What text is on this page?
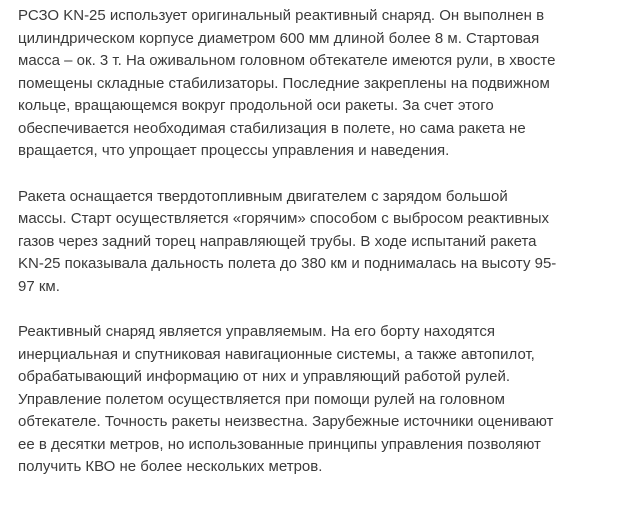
РСЗО KN-25 использует оригинальный реактивный снаряд. Он выполнен в
цилиндрическом корпусе диаметром 600 мм длиной более 8 м. Стартовая
масса – ок. 3 т. На оживальном головном обтекателе имеются рули, в хвосте
помещены складные стабилизаторы. Последние закреплены на подвижном
кольце, вращающемся вокруг продольной оси ракеты. За счет этого
обеспечивается необходимая стабилизация в полете, но сама ракета не
вращается, что упрощает процессы управления и наведения.

Ракета оснащается твердотопливным двигателем с зарядом большой
массы. Старт осуществляется «горячим» способом с выбросом реактивных
газов через задний торец направляющей трубы. В ходе испытаний ракета
KN-25 показывала дальность полета до 380 км и поднималась на высоту 95-
97 км.

Реактивный снаряд является управляемым. На его борту находятся
инерциальная и спутниковая навигационные системы, а также автопилот,
обрабатывающий информацию от них и управляющий работой рулей.
Управление полетом осуществляется при помощи рулей на головном
обтекателе. Точность ракеты неизвестна. Зарубежные источники оценивают
ее в десятки метров, но использованные принципы управления позволяют
получить КВО не более нескольких метров.
